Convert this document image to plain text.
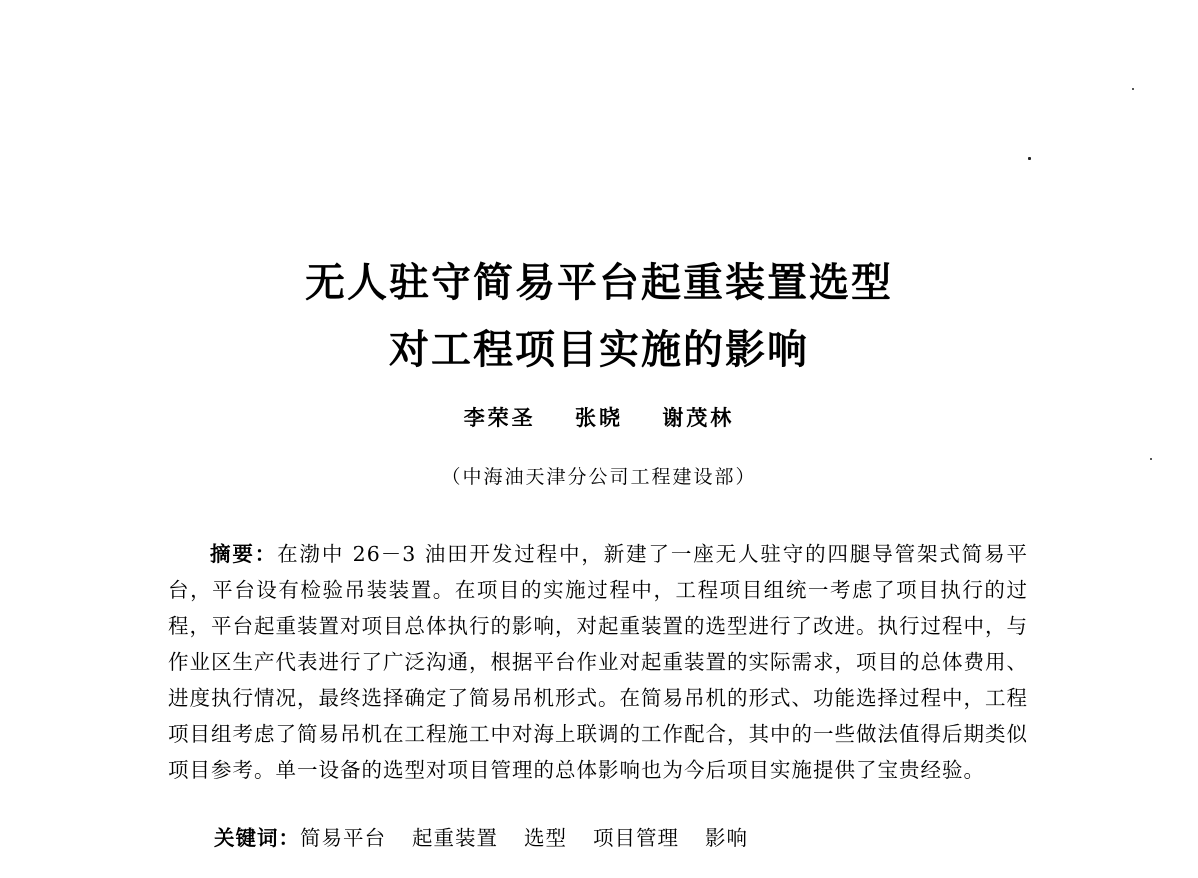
无人驻守简易平台起重装置选型
对工程项目实施的影响
李荣圣 张晓 谢茂林
（中海油天津分公司工程建设部）
摘要：在渤中 26－3 油田开发过程中，新建了一座无人驻守的四腿导管架式简易平台，平台设有检验吊装装置。在项目的实施过程中，工程项目组统一考虑了项目执行的过程，平台起重装置对项目总体执行的影响，对起重装置的选型进行了改进。执行过程中，与作业区生产代表进行了广泛沟通，根据平台作业对起重装置的实际需求，项目的总体费用、进度执行情况，最终选择确定了简易吊机形式。在简易吊机的形式、功能选择过程中，工程项目组考虑了简易吊机在工程施工中对海上联调的工作配合，其中的一些做法值得后期类似项目参考。单一设备的选型对项目管理的总体影响也为今后项目实施提供了宝贵经验。
关键词：简易平台 起重装置 选型 项目管理 影响
